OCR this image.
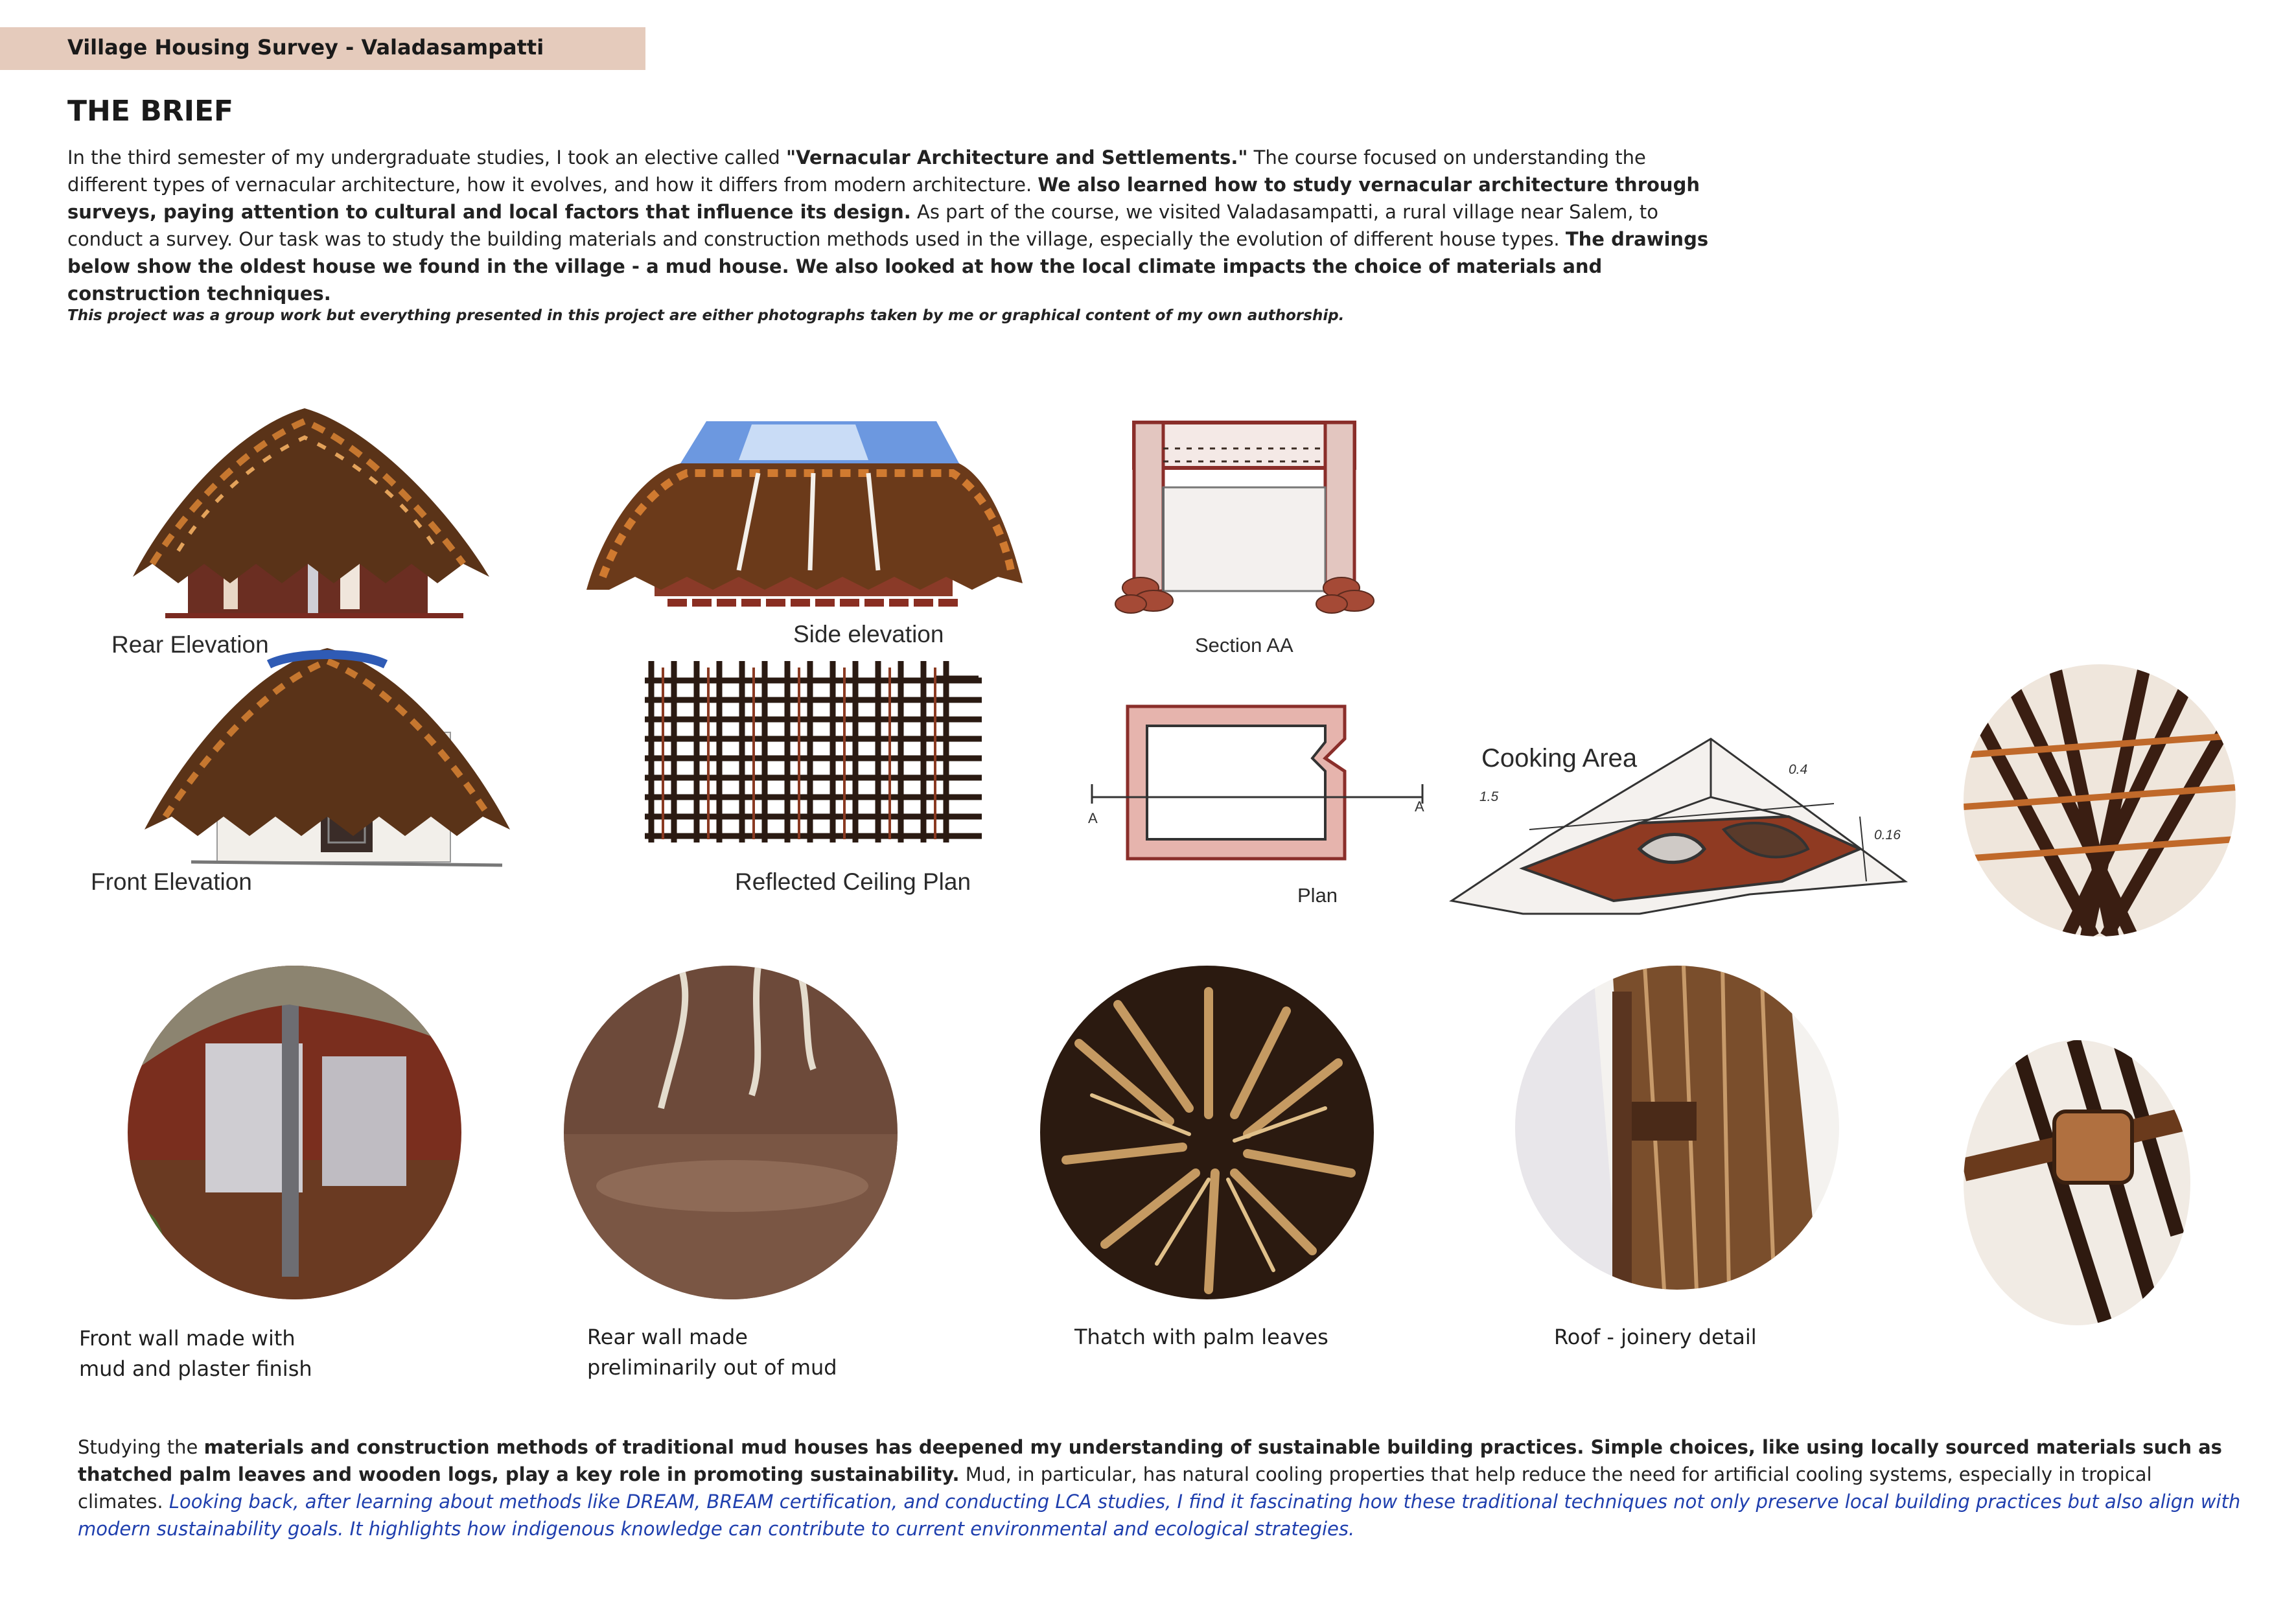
Village Housing Survey - Valadasampatti
THE BRIEF
In the third semester of my undergraduate studies, I took an elective called "Vernacular Architecture and Settlements." The course focused on understanding the different types of vernacular architecture, how it evolves, and how it differs from modern architecture. We also learned how to study vernacular architecture through surveys, paying attention to cultural and local factors that influence its design. As part of the course, we visited Valadasampatti, a rural village near Salem, to conduct a survey. Our task was to study the building materials and construction methods used in the village, especially the evolution of different house types. The drawings below show the oldest house we found in the village - a mud house. We also looked at how the local climate impacts the choice of materials and construction techniques.
This project was a group work but everything presented in this project are either photographs taken by me or graphical content of my own authorship.
Rear Elevation
Front Elevation
Side elevation
Reflected Ceiling Plan
Section AA
A
A
Plan
1.5
0.4
0.16
Cooking Area
Front wall made with
mud and plaster finish
Rear wall made
preliminarily out of mud
Thatch with palm leaves	Roof - joinery detail
Studying the materials and construction methods of traditional mud houses has deepened my understanding of sustainable building practices. Simple choices, like using locally sourced materials such as thatched palm leaves and wooden logs, play a key role in promoting sustainability. Mud, in particular, has natural cooling properties that help reduce the need for artificial cooling systems, especially in tropical climates. Looking back, after learning about methods like DREAM, BREAM certification, and conducting LCA studies, I find it fascinating how these traditional techniques not only preserve local building practices but also align with modern sustainability goals. It highlights how indigenous knowledge can contribute to current environmental and ecological strategies.
